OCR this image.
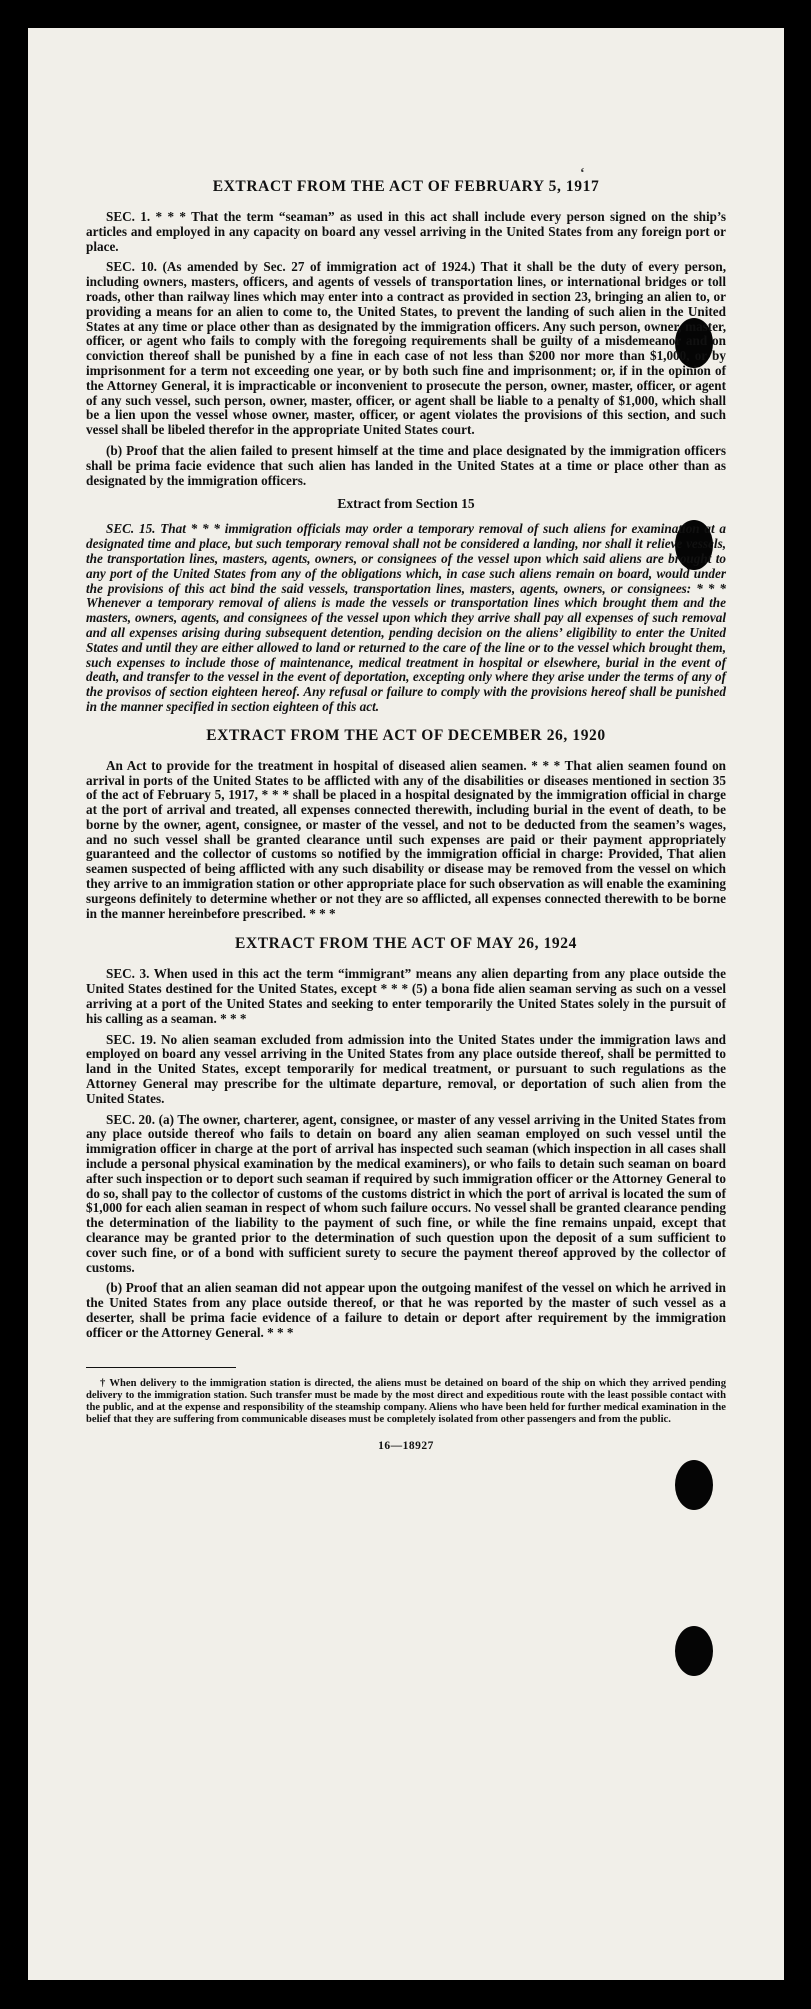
ʻ
EXTRACT FROM THE ACT OF FEBRUARY 5, 1917

SEC. 1. * * * That the term “seaman” as used in this act shall include every person signed on the ship’s articles and employed in any capacity on board any vessel arriving in the United States from any foreign port or place.

SEC. 10. (As amended by Sec. 27 of immigration act of 1924.) That it shall be the duty of every person, including owners, masters, officers, and agents of vessels of transportation lines, or international bridges or toll roads, other than railway lines which may enter into a contract as provided in section 23, bringing an alien to, or providing a means for an alien to come to, the United States, to prevent the landing of such alien in the United States at any time or place other than as designated by the immigration officers. Any such person, owner, master, officer, or agent who fails to comply with the foregoing requirements shall be guilty of a misdemeanor and on conviction thereof shall be punished by a fine in each case of not less than $200 nor more than $1,000, or by imprisonment for a term not exceeding one year, or by both such fine and imprisonment; or, if in the opinion of the Attorney General, it is impracticable or inconvenient to prosecute the person, owner, master, officer, or agent of any such vessel, such person, owner, master, officer, or agent shall be liable to a penalty of $1,000, which shall be a lien upon the vessel whose owner, master, officer, or agent violates the provisions of this section, and such vessel shall be libeled therefor in the appropriate United States court.

(b) Proof that the alien failed to present himself at the time and place designated by the immigration officers shall be prima facie evidence that such alien has landed in the United States at a time or place other than as designated by the immigration officers.

Extract from Section 15

SEC. 15. That * * * immigration officials may order a temporary removal of such aliens for examination at a designated time and place, but such temporary removal shall not be considered a landing, nor shall it relieve vessels, the transportation lines, masters, agents, owners, or consignees of the vessel upon which said aliens are brought to any port of the United States from any of the obligations which, in case such aliens remain on board, would under the provisions of this act bind the said vessels, transportation lines, masters, agents, owners, or consignees: * * * Whenever a temporary removal of aliens is made the vessels or transportation lines which brought them and the masters, owners, agents, and consignees of the vessel upon which they arrive shall pay all expenses of such removal and all expenses arising during subsequent detention, pending decision on the aliens’ eligibility to enter the United States and until they are either allowed to land or returned to the care of the line or to the vessel which brought them, such expenses to include those of maintenance, medical treatment in hospital or elsewhere, burial in the event of death, and transfer to the vessel in the event of deportation, excepting only where they arise under the terms of any of the provisos of section eighteen hereof. Any refusal or failure to comply with the provisions hereof shall be punished in the manner specified in section eighteen of this act.

EXTRACT FROM THE ACT OF DECEMBER 26, 1920

An Act to provide for the treatment in hospital of diseased alien seamen. * * * That alien seamen found on arrival in ports of the United States to be afflicted with any of the disabilities or diseases mentioned in section 35 of the act of February 5, 1917, * * * shall be placed in a hospital designated by the immigration official in charge at the port of arrival and treated, all expenses connected therewith, including burial in the event of death, to be borne by the owner, agent, consignee, or master of the vessel, and not to be deducted from the seamen’s wages, and no such vessel shall be granted clearance until such expenses are paid or their payment appropriately guaranteed and the collector of customs so notified by the immigration official in charge: Provided, That alien seamen suspected of being afflicted with any such disability or disease may be removed from the vessel on which they arrive to an immigration station or other appropriate place for such observation as will enable the examining surgeons definitely to determine whether or not they are so afflicted, all expenses connected therewith to be borne in the manner hereinbefore prescribed. * * *

EXTRACT FROM THE ACT OF MAY 26, 1924

SEC. 3. When used in this act the term “immigrant” means any alien departing from any place outside the United States destined for the United States, except * * * (5) a bona fide alien seaman serving as such on a vessel arriving at a port of the United States and seeking to enter temporarily the United States solely in the pursuit of his calling as a seaman. * * *

SEC. 19. No alien seaman excluded from admission into the United States under the immigration laws and employed on board any vessel arriving in the United States from any place outside thereof, shall be permitted to land in the United States, except temporarily for medical treatment, or pursuant to such regulations as the Attorney General may prescribe for the ultimate departure, removal, or deportation of such alien from the United States.

SEC. 20. (a) The owner, charterer, agent, consignee, or master of any vessel arriving in the United States from any place outside thereof who fails to detain on board any alien seaman employed on such vessel until the immigration officer in charge at the port of arrival has inspected such seaman (which inspection in all cases shall include a personal physical examination by the medical examiners), or who fails to detain such seaman on board after such inspection or to deport such seaman if required by such immigration officer or the Attorney General to do so, shall pay to the collector of customs of the customs district in which the port of arrival is located the sum of $1,000 for each alien seaman in respect of whom such failure occurs. No vessel shall be granted clearance pending the determination of the liability to the payment of such fine, or while the fine remains unpaid, except that clearance may be granted prior to the determination of such question upon the deposit of a sum sufficient to cover such fine, or of a bond with sufficient surety to secure the payment thereof approved by the collector of customs.

(b) Proof that an alien seaman did not appear upon the outgoing manifest of the vessel on which he arrived in the United States from any place outside thereof, or that he was reported by the master of such vessel as a deserter, shall be prima facie evidence of a failure to detain or deport after requirement by the immigration officer or the Attorney General. * * *

† When delivery to the immigration station is directed, the aliens must be detained on board of the ship on which they arrived pending delivery to the immigration station. Such transfer must be made by the most direct and expeditious route with the least possible contact with the public, and at the expense and responsibility of the steamship company. Aliens who have been held for further medical examination in the belief that they are suffering from communicable diseases must be completely isolated from other passengers and from the public.

16—18927
